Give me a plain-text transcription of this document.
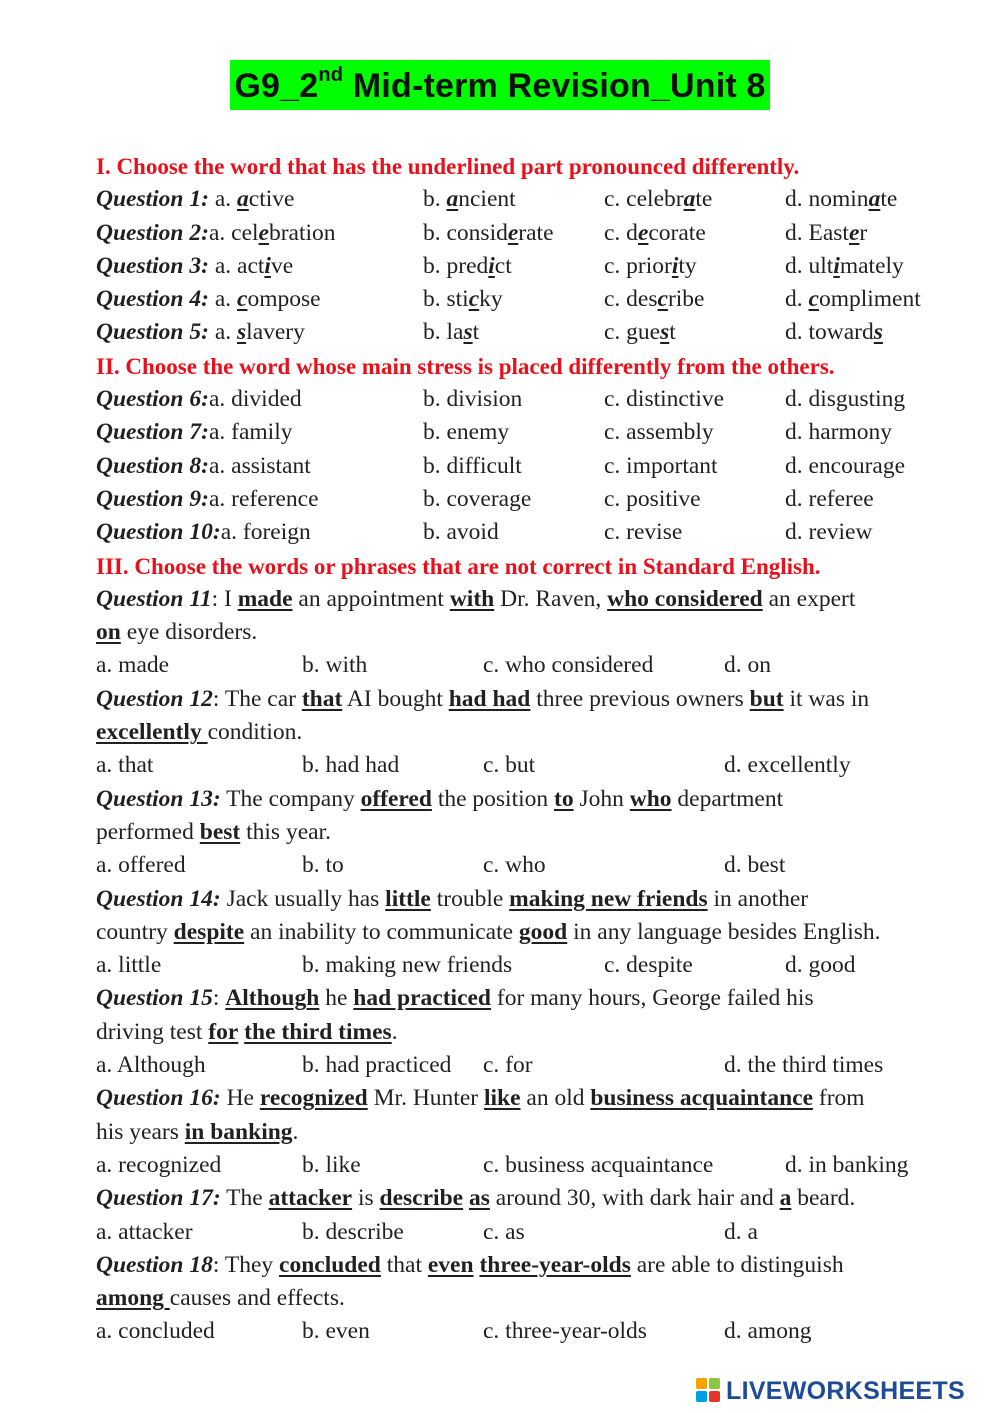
G9_2nd Mid-term Revision_Unit 8
I. Choose the word that has the underlined part pronounced differently.
Question 1: a. active	b. ancient	c. celebrate	d. nominate
Question 2:a. celebration	b. considerate c. decorate	d. Easter
Question 3: a. active	b. predict	c. priority	d. ultimately
Question 4: a. compose	b. sticky	c. describe	d. compliment
Question 5: a. slavery	b. last	c. guest	d. towards
II. Choose the word whose main stress is placed differently from the others.
Question 6:a. divided	b. division	c. distinctive	d. disgusting
Question 7:a. family	b. enemy	c. assembly	d. harmony
Question 8:a. assistant	b. difficult	c. important	d. encourage
Question 9:a. reference	b. coverage	c. positive	d. referee
Question 10:a. foreign	b. avoid	c. revise	d. review
III. Choose the words or phrases that are not correct in Standard English.
Question 11: I made an appointment with Dr. Raven, who considered an expert
on eye disorders.
a. made	b. with	c. who considered	d. on
Question 12: The car that AI bought had had three previous owners but it was in
excellently condition.
a. that	b. had had	c. but	d. excellently
Question 13: The company offered the position to John who department
performed best this year.
a. offered	b. to	c. who	d. best
Question 14: Jack usually has little trouble making new friends in another
country despite an inability to communicate good in any language besides English.
a. little	b. making new friends	c. despite	d. good
Question 15: Although he had practiced for many hours, George failed his
driving test for the third times.
a. Although	b. had practiced c. for	d. the third times
Question 16: He recognized Mr. Hunter like an old business acquaintance from
his years in banking.
a. recognized	b. like	c. business acquaintance	d. in banking
Question 17: The attacker is describe as around 30, with dark hair and a beard.
a. attacker	b. describe	c. as	d. a
Question 18: They concluded that even three-year-olds are able to distinguish
among causes and effects.
a. concluded	b. even	c. three-year-olds	d. among
LIVEWORKSHEETS
